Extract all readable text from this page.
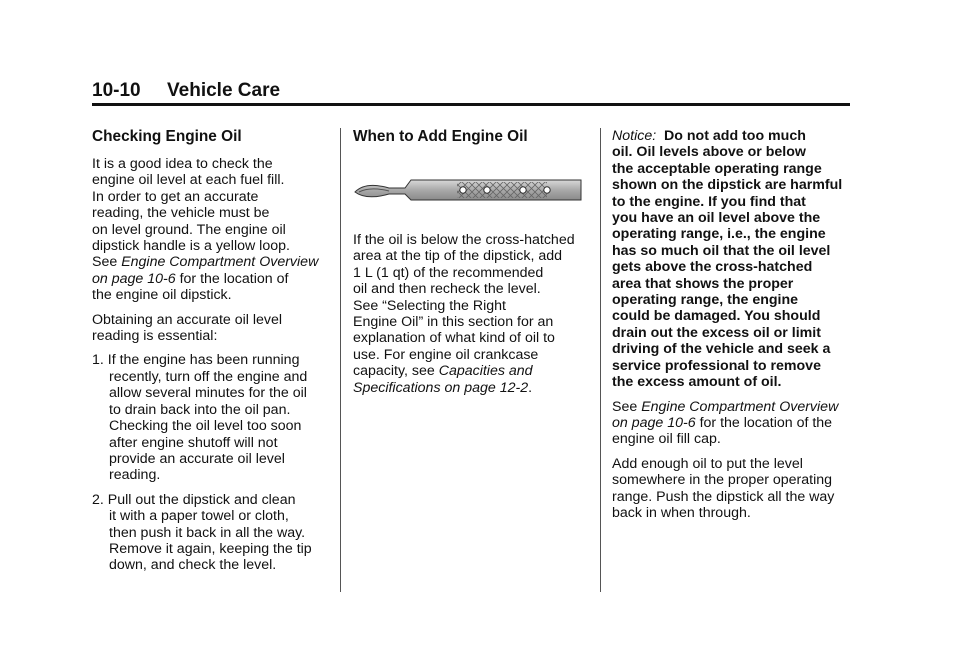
10-10 Vehicle Care
Checking Engine Oil

It is a good idea to check the
engine oil level at each fuel fill.
In order to get an accurate
reading, the vehicle must be
on level ground. The engine oil
dipstick handle is a yellow loop.
See Engine Compartment Overview
on page 10-6 for the location of
the engine oil dipstick.

Obtaining an accurate oil level
reading is essential:

1. If the engine has been running
recently, turn off the engine and
allow several minutes for the oil
to drain back into the oil pan.
Checking the oil level too soon
after engine shutoff will not
provide an accurate oil level
reading.

2. Pull out the dipstick and clean
it with a paper towel or cloth,
then push it back in all the way.
Remove it again, keeping the tip
down, and check the level.

When to Add Engine Oil

If the oil is below the cross-hatched
area at the tip of the dipstick, add
1 L (1 qt) of the recommended
oil and then recheck the level.
See “Selecting the Right
Engine Oil” in this section for an
explanation of what kind of oil to
use. For engine oil crankcase
capacity, see Capacities and
Specifications on page 12-2.

Notice:  Do not add too much
oil. Oil levels above or below
the acceptable operating range
shown on the dipstick are harmful
to the engine. If you find that
you have an oil level above the
operating range, i.e., the engine
has so much oil that the oil level
gets above the cross-hatched
area that shows the proper
operating range, the engine
could be damaged. You should
drain out the excess oil or limit
driving of the vehicle and seek a
service professional to remove
the excess amount of oil.

See Engine Compartment Overview
on page 10-6 for the location of the
engine oil fill cap.

Add enough oil to put the level
somewhere in the proper operating
range. Push the dipstick all the way
back in when through.
